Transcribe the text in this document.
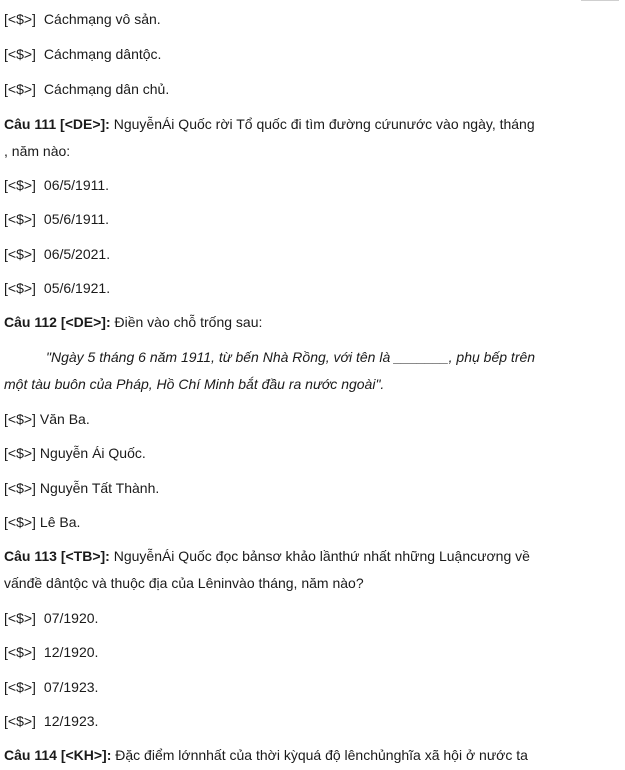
[<$>] Cáchmạng vô sản.
[<$>] Cáchmạng dântộc.
[<$>] Cáchmạng dân chủ.
Câu 111 [<DE>]: NguyễnÁi Quốc rời Tổ quốc đi tìm đường cứunước vào ngày, tháng
, năm nào:
[<$>] 06/5/1911.
[<$>] 05/6/1911.
[<$>] 06/5/2021.
[<$>] 05/6/1921.
Câu 112 [<DE>]: Điền vào chỗ trống sau:
"Ngày 5 tháng 6 năm 1911, từ bến Nhà Rồng, với tên là _______, phụ bếp trên
một tàu buôn của Pháp, Hồ Chí Minh bắt đầu ra nước ngoài".
[<$>] Văn Ba.
[<$>] Nguyễn Ái Quốc.
[<$>] Nguyễn Tất Thành.
[<$>] Lê Ba.
Câu 113 [<TB>]: NguyễnÁi Quốc đọc bảnsơ khảo lầnthứ nhất những Luậncương về
vấnđề dântộc và thuộc địa của Lêninvào tháng, năm nào?
[<$>] 07/1920.
[<$>] 12/1920.
[<$>] 07/1923.
[<$>] 12/1923.
Câu 114 [<KH>]: Đặc điểm lớnnhất của thời kỳquá độ lênchủnghĩa xã hội ở nước ta
